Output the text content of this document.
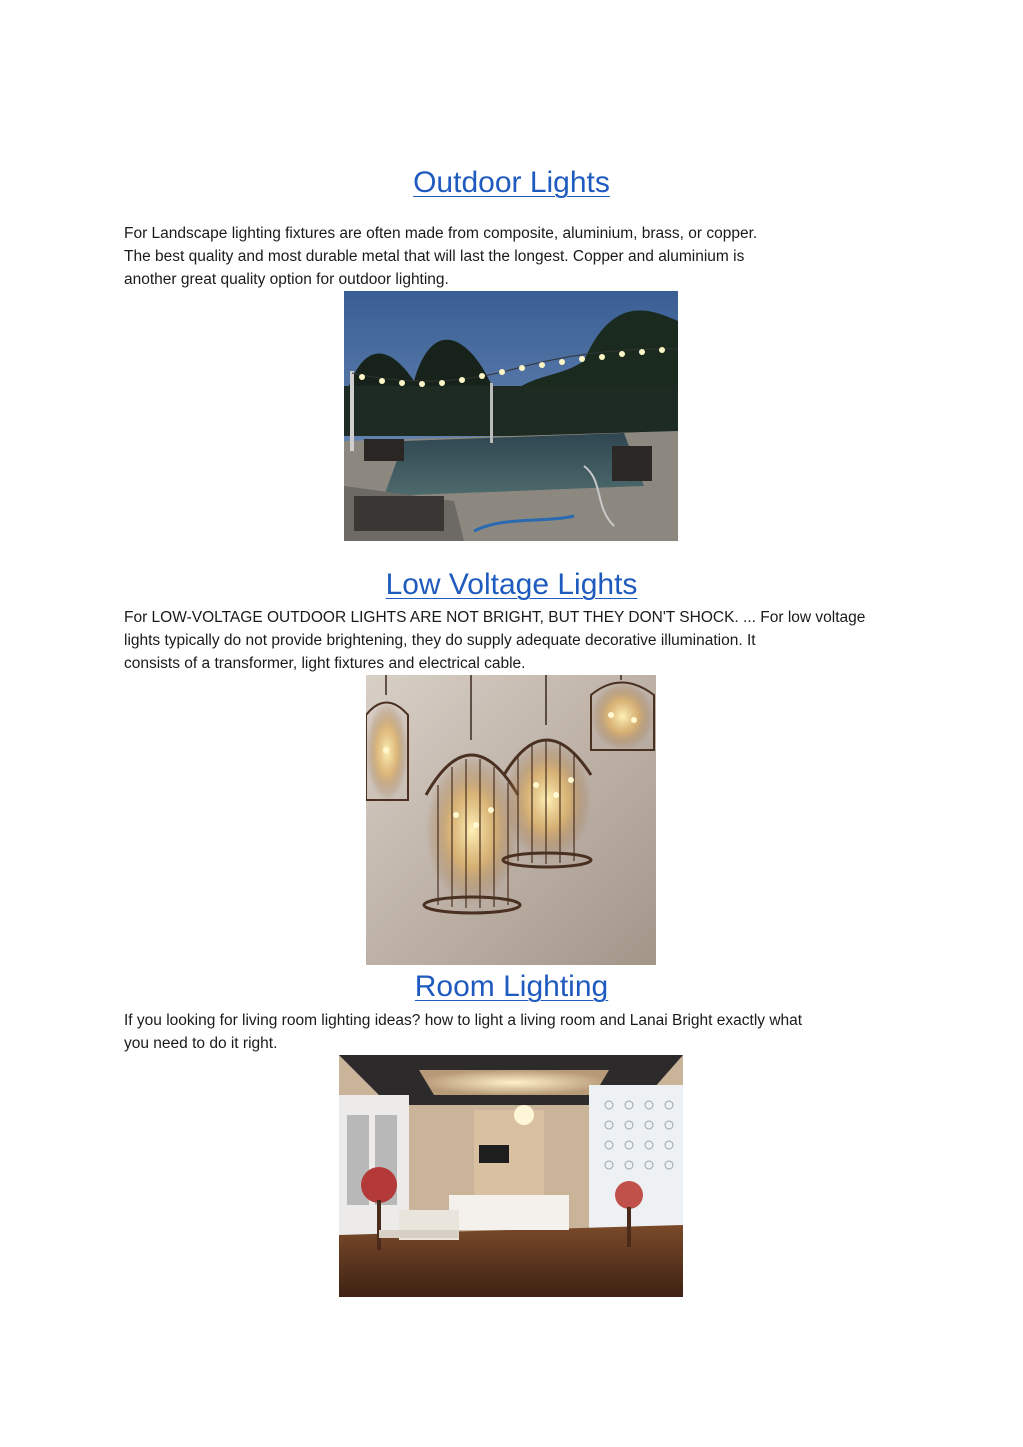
Outdoor Lights
For Landscape lighting fixtures are often made from composite, aluminium, brass, or copper.
The best quality and most durable metal that will last the longest. Copper and aluminium is
another great quality option for outdoor lighting.
Low Voltage Lights
For LOW-VOLTAGE OUTDOOR LIGHTS ARE NOT BRIGHT, BUT THEY DON'T SHOCK. ... For low voltage
lights typically do not provide brightening, they do supply adequate decorative illumination. It
consists of a transformer, light fixtures and electrical cable.
Room Lighting
If you looking for living room lighting ideas? how to light a living room and Lanai Bright exactly what
you need to do it right.
